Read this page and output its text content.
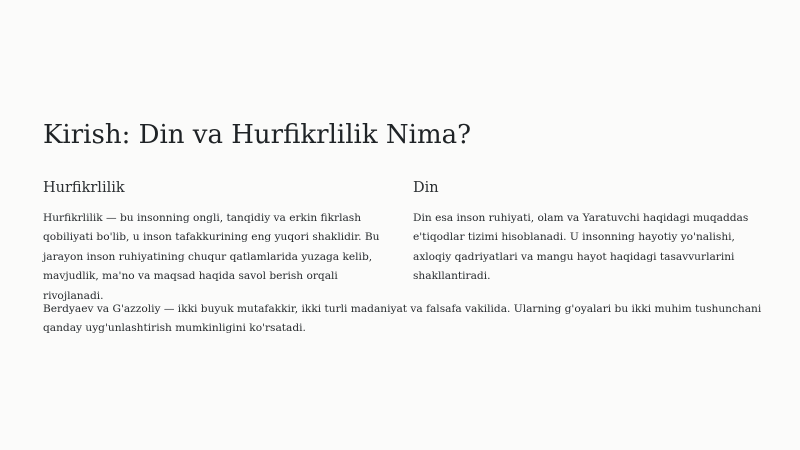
Kirish: Din va Hurfikrlilik Nima?
Hurfikrlilik

Hurfikrlilik — bu insonning ongli, tanqidiy va erkin fikrlash qobiliyati bo'lib, u inson tafakkurining eng yuqori shaklidir. Bu jarayon inson ruhiyatining chuqur qatlamlarida yuzaga kelib, mavjudlik, ma'no va maqsad haqida savol berish orqali rivojlanadi.

Din

Din esa inson ruhiyati, olam va Yaratuvchi haqidagi muqaddas e'tiqodlar tizimi hisoblanadi. U insonning hayotiy yo'nalishi, axloqiy qadriyatlari va mangu hayot haqidagi tasavvurlarini shakllantiradi.

Berdyaev va G'azzoliy — ikki buyuk mutafakkir, ikki turli madaniyat va falsafa vakilida. Ularning g'oyalari bu ikki muhim tushunchani qanday uyg'unlashtirish mumkinligini ko'rsatadi.
